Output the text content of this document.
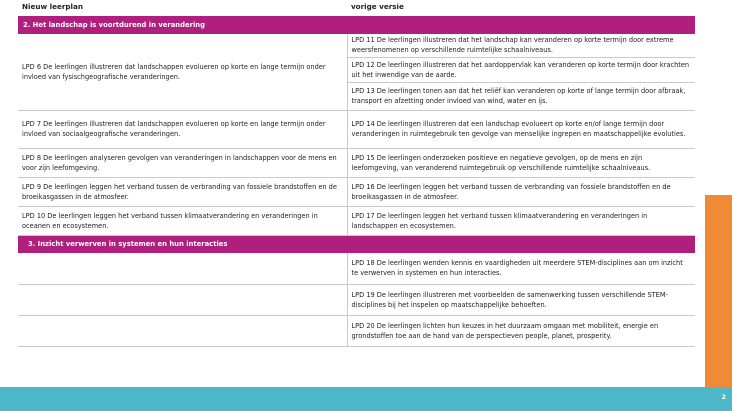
Nieuw leerplan	vorige versie
2. Het landschap is voortdurend in verandering	
LPD 6 De leerlingen illustreren dat landschappen evolueren op korte en lange termijn onder invloed van fysischgeografische veranderingen.	LPD 11 De leerlingen illustreren dat het landschap kan veranderen op korte termijn door extreme weersfenomenen op verschillende ruimtelijke schaalniveaus.
	LPD 12 De leerlingen illustreren dat het aardoppervlak kan veranderen op korte termijn door krachten uit het inwendige van de aarde.
	LPD 13 De leerlingen tonen aan dat het reliëf kan veranderen op korte of lange termijn door afbraak, transport en afzetting onder invloed van wind, water en ijs.
LPD 7 De leerlingen illustreren dat landschappen evolueren op korte en lange termijn onder invloed van sociaalgeografische veranderingen.	LPD 14 De leerlingen illustreren dat een landschap evolueert op korte en/of lange termijn door veranderingen in ruimtegebruik ten gevolge van menselijke ingrepen en maatschappelijke evoluties.
LPD 8 De leerlingen analyseren gevolgen van veranderingen in landschappen voor de mens en voor zijn leefomgeving.	LPD 15 De leerlingen onderzoeken positieve en negatieve gevolgen, op de mens en zijn leefomgeving, van veranderend ruimtegebruik op verschillende ruimtelijke schaalniveaus.
LPD 9 De leerlingen leggen het verband tussen de verbranding van fossiele brandstoffen en de broeikasgassen in de atmosfeer.	LPD 16 De leerlingen leggen het verband tussen de verbranding van fossiele brandstoffen en de broeikasgassen in de atmosfeer.
LPD 10 De leerlingen leggen het verband tussen klimaatverandering en veranderingen in oceanen en ecosystemen.	LPD 17 De leerlingen leggen het verband tussen klimaatverandering en veranderingen in landschappen en ecosystemen.
3. Inzicht verwerven in systemen en hun interacties	
	LPD 18 De leerlingen wenden kennis en vaardigheden uit meerdere STEM-disciplines aan om inzicht te verwerven in systemen en hun interacties.
	LPD 19 De leerlingen illustreren met voorbeelden de samenwerking tussen verschillende STEM-disciplines bij het inspelen op maatschappelijke behoeften.
	LPD 20 De leerlingen lichten hun keuzes in het duurzaam omgaan met mobiliteit, energie en grondstoffen toe aan de hand van de perspectieven people, planet, prosperity.
2
